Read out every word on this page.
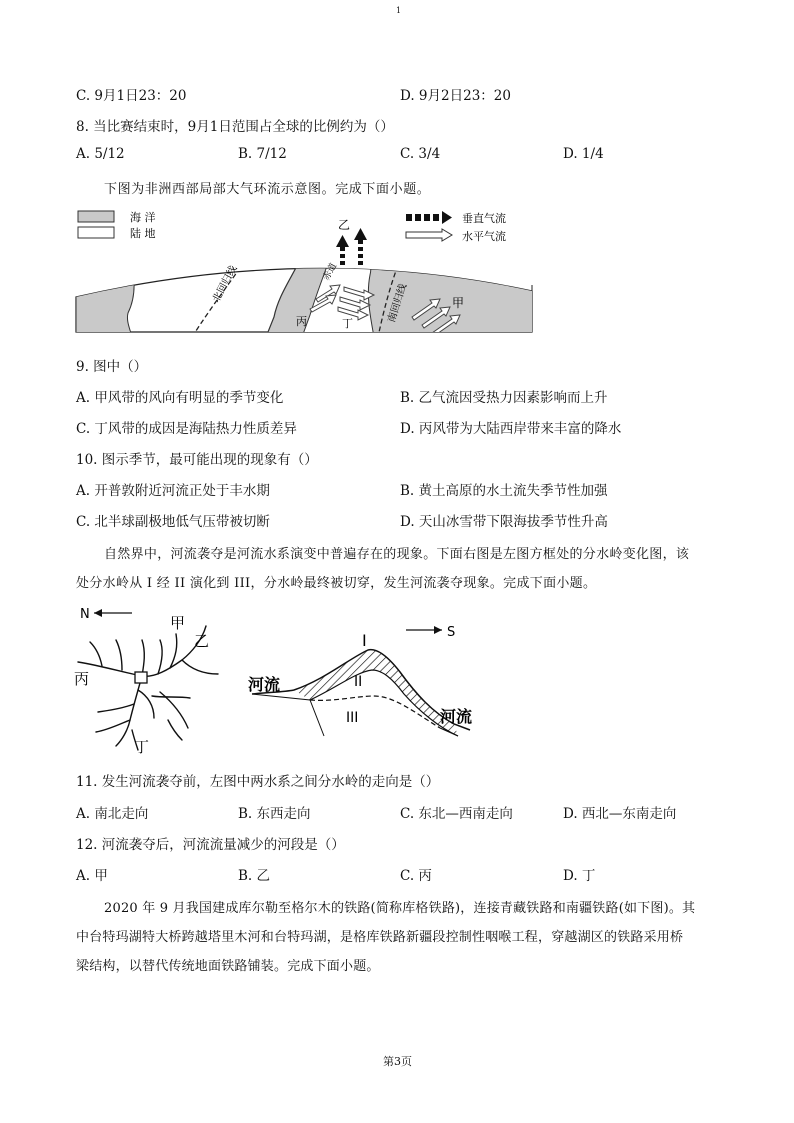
1
C. 9月1日23：20	D. 9月2日23：20
8. 当比赛结束时，9月1日范围占全球的比例约为（）
A. 5/12	B. 7/12	C. 3/4	D. 1/4
下图为非洲西部局部大气环流示意图。完成下面小题。
海 洋
陆 地
垂直气流
水平气流
乙
北回归线	赤道
南回归线	甲
丙	丁
9. 图中（）
A. 甲风带的风向有明显的季节变化	B. 乙气流因受热力因素影响而上升
C. 丁风带的成因是海陆热力性质差异	D. 丙风带为大陆西岸带来丰富的降水
10. 图示季节，最可能出现的现象有（）
A. 开普敦附近河流正处于丰水期	B. 黄土高原的水土流失季节性加强
C. 北半球副极地低气压带被切断	D. 天山冰雪带下限海拔季节性升高
自然界中，河流袭夺是河流水系演变中普遍存在的现象。下面右图是左图方框处的分水岭变化图，该
处分水岭从 I 经 II 演化到 III，分水岭最终被切穿，发生河流袭夺现象。完成下面小题。
N	甲
乙
丙
丁
I	S
II
III
河流
河流
11. 发生河流袭夺前，左图中两水系之间分水岭的走向是（）
A. 南北走向	B. 东西走向	C. 东北—西南走向	D. 西北—东南走向
12. 河流袭夺后，河流流量减少的河段是（）
A. 甲	B. 乙	C. 丙	D. 丁
2020 年 9 月我国建成库尔勒至格尔木的铁路(简称库格铁路)，连接青藏铁路和南疆铁路(如下图)。其
中台特玛湖特大桥跨越塔里木河和台特玛湖，是格库铁路新疆段控制性咽喉工程，穿越湖区的铁路采用桥
梁结构，以替代传统地面铁路铺装。完成下面小题。
第3页
